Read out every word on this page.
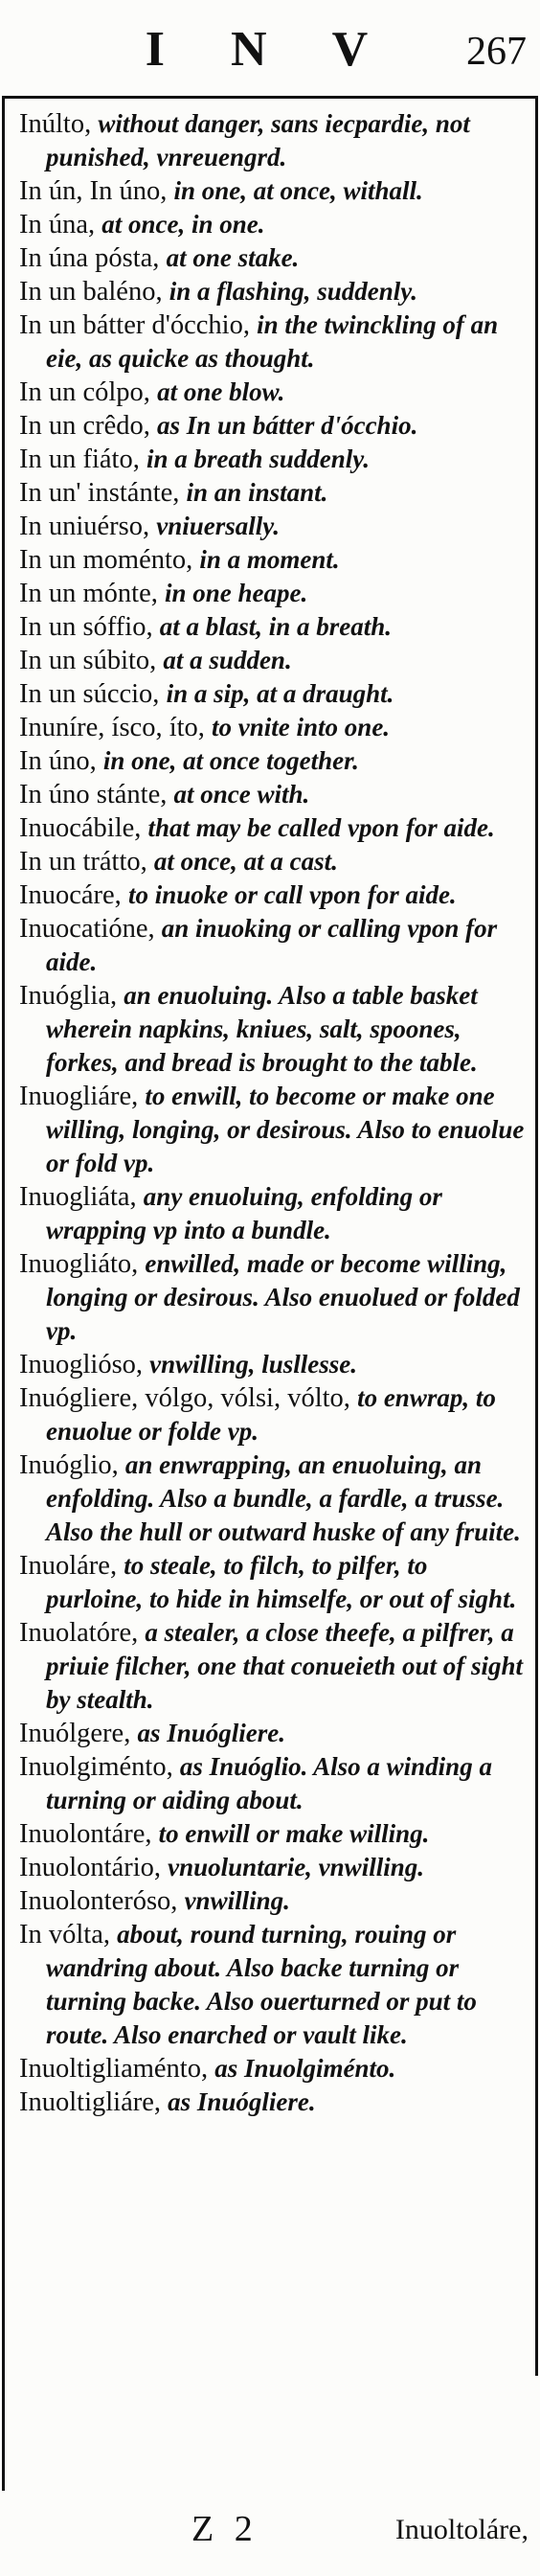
I N V	267

Inúlto, without danger, sans iecpardie, not punished, vnreuengrd.

In ún, In úno, in one, at once, withall.

In úna, at once, in one.

In úna pósta, at one stake.

In un baléno, in a flashing, suddenly.

In un bátter d'ócchio, in the twinckling of an eie, as quicke as thought.

In un cólpo, at one blow.

In un crêdo, as In un bátter d'ócchio.

In un fiáto, in a breath suddenly.

In un' instánte, in an instant.

In uniuérso, vniuersally.

In un moménto, in a moment.

In un mónte, in one heape.

In un sóffio, at a blast, in a breath.

In un súbito, at a sudden.

In un súccio, in a sip, at a draught.

Inuníre, ísco, íto, to vnite into one.

In úno, in one, at once together.

In úno stánte, at once with.

Inuocábile, that may be called vpon for aide.

In un trátto, at once, at a cast.

Inuocáre, to inuoke or call vpon for aide.

Inuocatióne, an inuoking or calling vpon for aide.

Inuóglia, an enuoluing. Also a table basket wherein napkins, kniues, salt, spoones, forkes, and bread is brought to the table.

Inuogliáre, to enwill, to become or make one willing, longing, or desirous. Also to enuolue or fold vp.

Inuogliáta, any enuoluing, enfolding or wrapping vp into a bundle.

Inuogliáto, enwilled, made or become willing, longing or desirous. Also enuolued or folded vp.

Inuogliósо, vnwilling, lusllesse.

Inuógliere, vólgo, vólsi, vólto, to enwrap, to enuolue or folde vp.

Inuóglio, an enwrapping, an enuoluing, an enfolding. Also a bundle, a fardle, a trusse. Also the hull or outward huske of any fruite.

Inuoláre, to steale, to filch, to pilfer, to purloine, to hide in himselfe, or out of sight.

Inuolatóre, a stealer, a close theefe, a pilfrer, a priuie filcher, one that conueieth out of sight by stealth.

Inuólgere, as Inuógliere.

Inuolgiménto, as Inuóglio. Also a winding a turning or aiding about.

Inuolontáre, to enwill or make willing.

Inuolontário, vnuoluntarie, vnwilling.

Inuolonterósо, vnwilling.

In vólta, about, round turning, rouing or wandring about. Also backe turning or turning backe. Also ouerturned or put to route. Also enarched or vault like.

Inuoltigliaménto, as Inuolgiménto.

Inuoltigliáre, as Inuógliere.

Z 2	Inuoltoláre,
